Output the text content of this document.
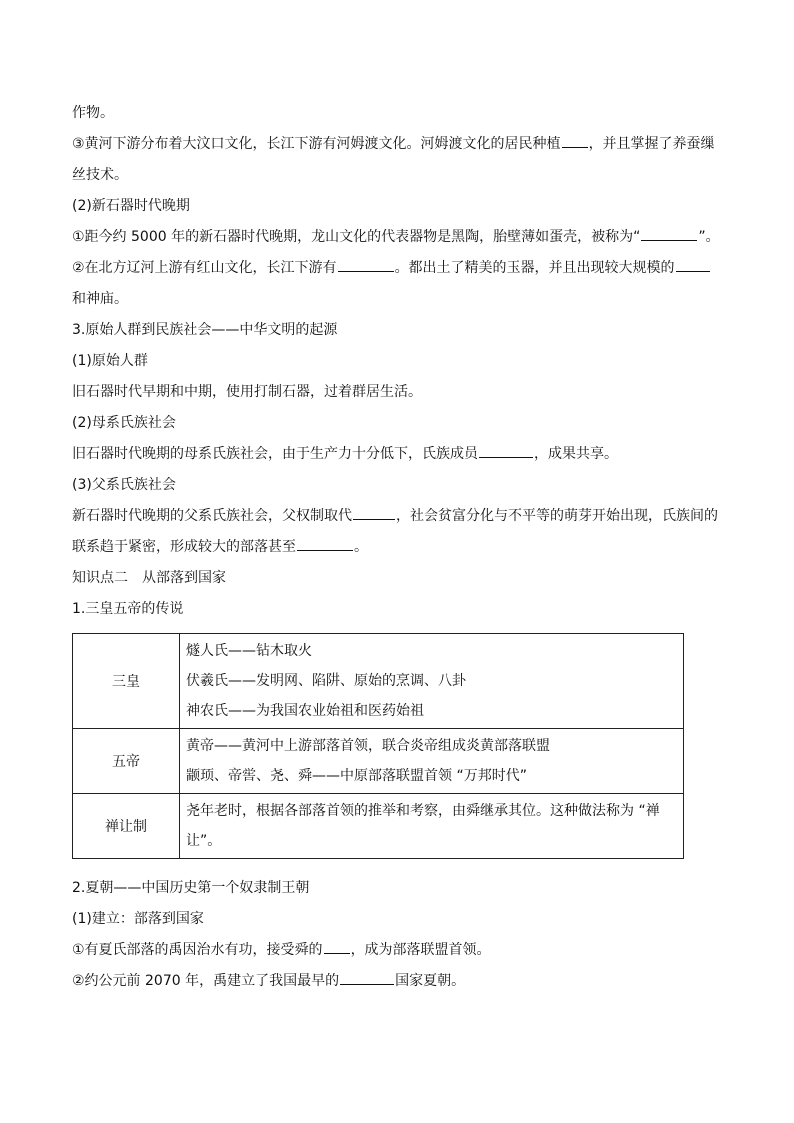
作物。

③黄河下游分布着大汶口文化，长江下游有河姆渡文化。河姆渡文化的居民种植 ，并且掌握了养蚕缫

丝技术。

(2)新石器时代晚期

①距今约 5000 年的新石器时代晚期，龙山文化的代表器物是黑陶，胎壁薄如蛋壳，被称为“	”。

②在北方辽河上游有红山文化，长江下游有	。都出土了精美的玉器，并且出现较大规模的

和神庙。

3.原始人群到民族社会——中华文明的起源

(1)原始人群

旧石器时代早期和中期，使用打制石器，过着群居生活。

(2)母系氏族社会

旧石器时代晚期的母系氏族社会，由于生产力十分低下，氏族成员	，成果共享。

(3)父系氏族社会

新石器时代晚期的父系氏族社会，父权制取代	，社会贫富分化与不平等的萌芽开始出现，氏族间的

联系趋于紧密，形成较大的部落甚至	。

知识点二　从部落到国家

1.三皇五帝的传说

三皇	燧人氏——钻木取火

伏羲氏——发明网、陷阱、原始的烹调、八卦

神农氏——为我国农业始祖和医药始祖

五帝	黄帝——黄河中上游部落首领，联合炎帝组成炎黄部落联盟

颛顼、帝喾、尧、舜——中原部落联盟首领 “万邦时代”

禅让制	尧年老时，根据各部落首领的推举和考察，由舜继承其位。这种做法称为 “禅

让”。

2.夏朝——中国历史第一个奴隶制王朝

(1)建立：部落到国家

①有夏氏部落的禹因治水有功，接受舜的 ，成为部落联盟首领。

②约公元前 2070 年，禹建立了我国最早的	国家夏朝。
